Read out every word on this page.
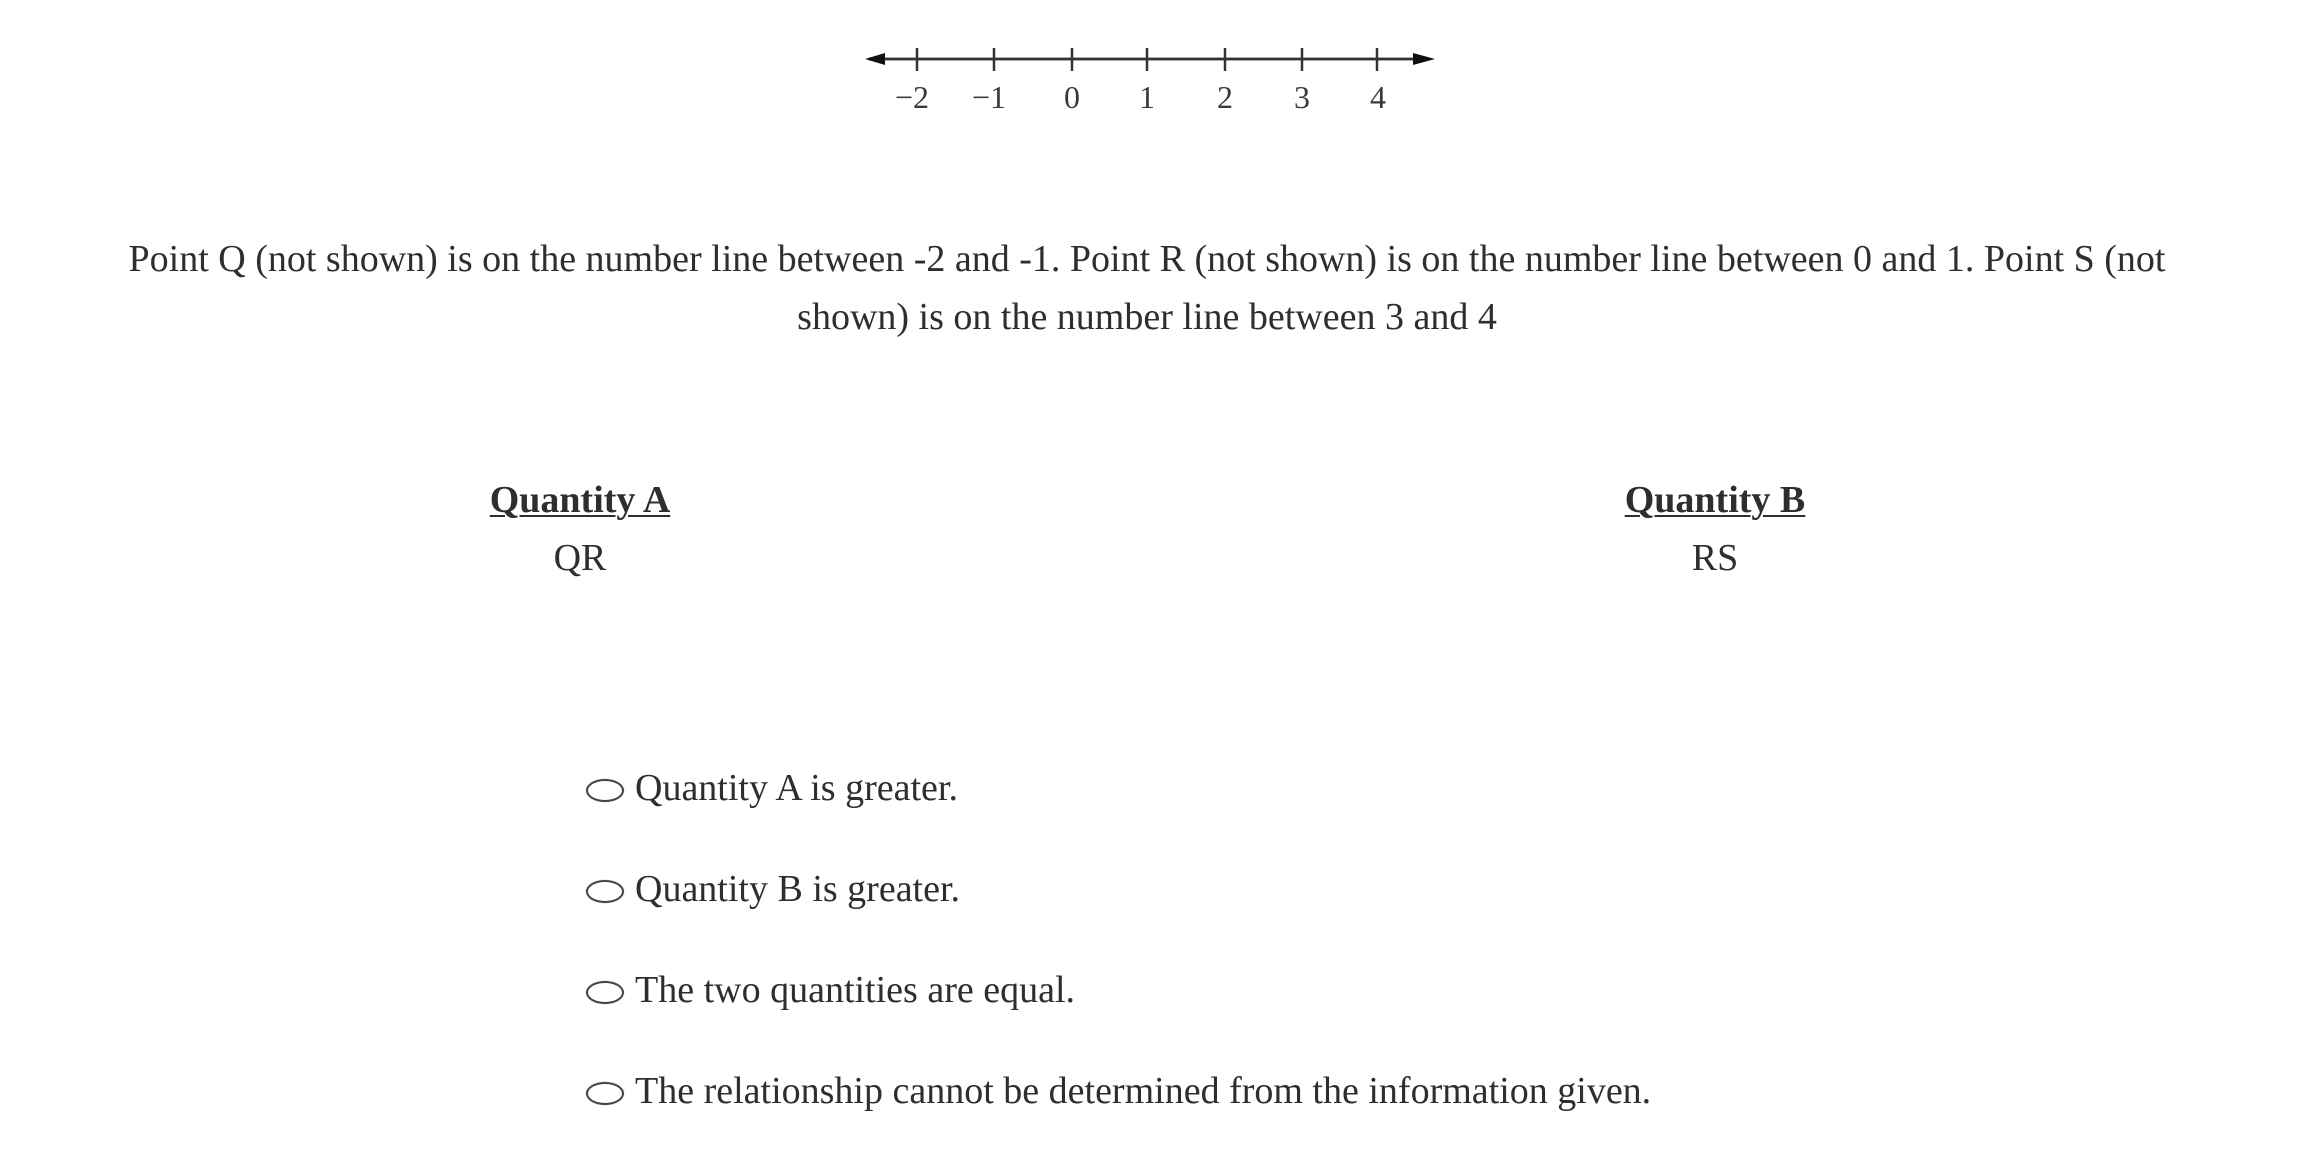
−2 −1 0 1 2 3 4
Point Q (not shown) is on the number line between -2 and -1. Point R (not shown) is on the number line between 0 and 1. Point S (not shown) is on the number line between 3 and 4
Quantity A
QR
Quantity B
RS
Quantity A is greater.
Quantity B is greater.
The two quantities are equal.
The relationship cannot be determined from the information given.
